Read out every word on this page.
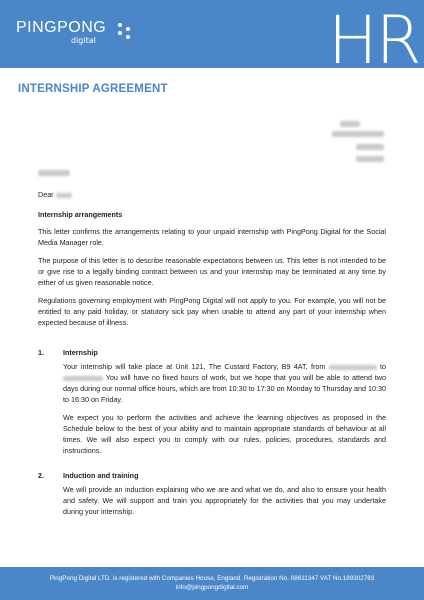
PINGPONG
digital	HR
INTERNSHIP AGREEMENT
Dear
Internship arrangements

This letter confirms the arrangements relating to your unpaid internship with PingPong Digital for the Social Media Manager role.

The purpose of this letter is to describe reasonable expectations between us. This letter is not intended to be or give rise to a legally binding contract between us and your internship may be terminated at any time by either of us given reasonable notice.

Regulations governing employment with PingPong Digital will not apply to you. For example, you will not be entitled to any paid holiday, or statutory sick pay when unable to attend any part of your internship when expected because of illness.

1.	Internship

Your internship will take place at Unit 121, The Custard Factory, B9 4AT, from	to  You will have no fixed hours of work, but we hope that you will be able to attend two days during our normal office hours, which are from 10:30 to 17:30 on Monday to Thursday and 10:30 to 16:30 on Friday.

We expect you to perform the activities and achieve the learning objectives as proposed in the Schedule below to the best of your ability and to maintain appropriate standards of behaviour at all times. We will also expect you to comply with our rules, policies, procedures, standards and instructions.

2.	Induction and training

We will provide an induction explaining who we are and what we do, and also to ensure your health and safety. We will support and train you appropriately for the activities that you may undertake during your internship.

PingPong Digital LTD. is registered with Companies House, England. Registration No. 08611347 VAT No.189302783
info@pingpongdigital.com
